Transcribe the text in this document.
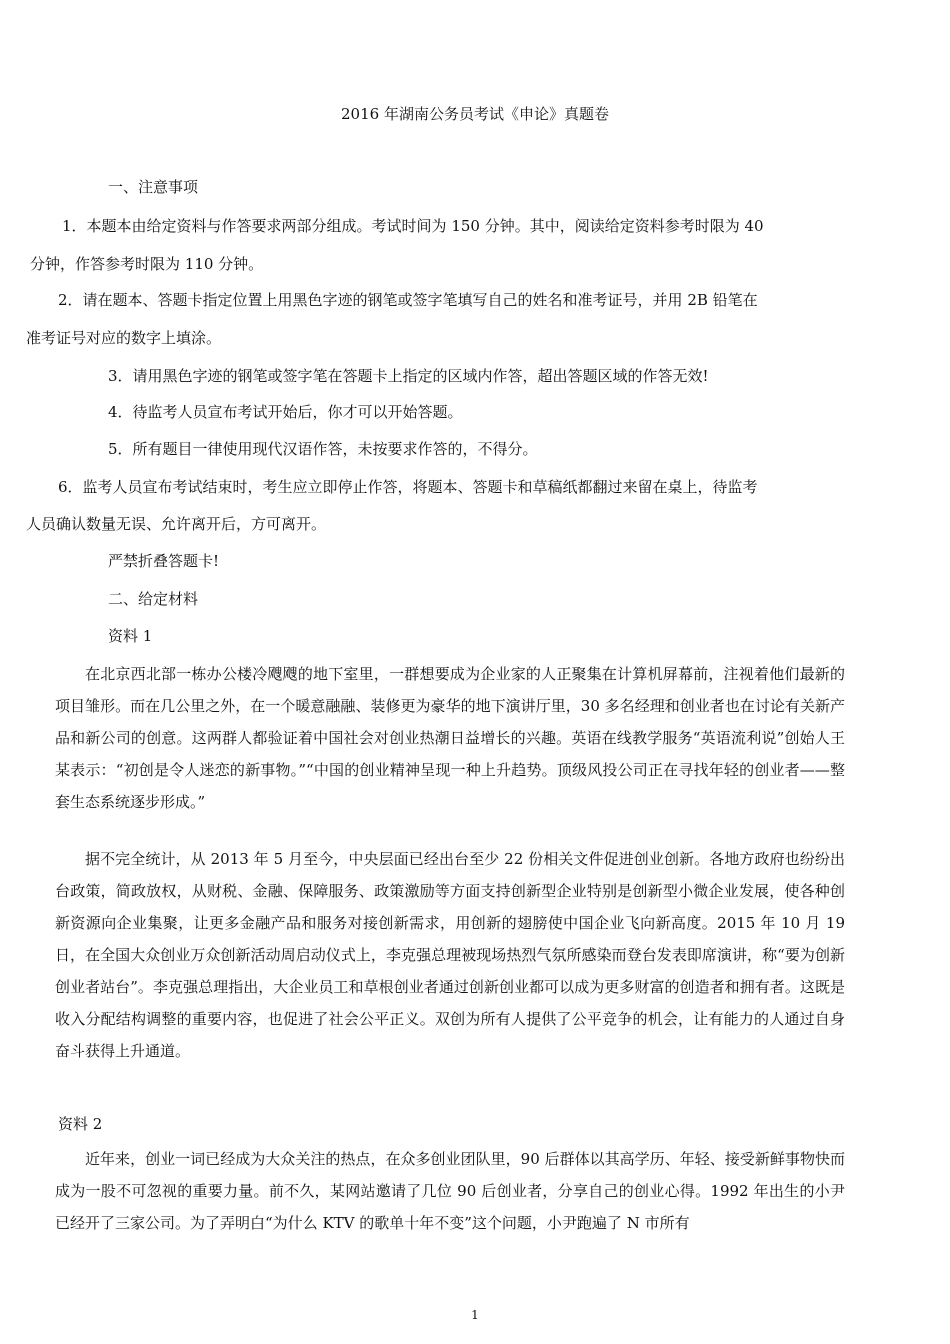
2016 年湖南公务员考试《申论》真题卷
一、注意事项
1．本题本由给定资料与作答要求两部分组成。考试时间为 150 分钟。其中，阅读给定资料参考时限为 40
分钟，作答参考时限为 110 分钟。
2．请在题本、答题卡指定位置上用黑色字迹的钢笔或签字笔填写自己的姓名和准考证号，并用 2B 铅笔在
准考证号对应的数字上填涂。
3．请用黑色字迹的钢笔或签字笔在答题卡上指定的区域内作答，超出答题区域的作答无效!
4．待监考人员宣布考试开始后，你才可以开始答题。
5．所有题目一律使用现代汉语作答，未按要求作答的，不得分。
6．监考人员宣布考试结束时，考生应立即停止作答，将题本、答题卡和草稿纸都翻过来留在桌上，待监考
人员确认数量无误、允许离开后，方可离开。
严禁折叠答题卡!
二、给定材料
资料 1

在北京西北部一栋办公楼冷飕飕的地下室里，一群想要成为企业家的人正聚集在计算机屏幕前，注视着他们最新的项目雏形。而在几公里之外，在一个暖意融融、装修更为豪华的地下演讲厅里，30 多名经理和创业者也在讨论有关新产品和新公司的创意。这两群人都验证着中国社会对创业热潮日益增长的兴趣。英语在线教学服务“英语流利说”创始人王某表示：“初创是令人迷恋的新事物。”“中国的创业精神呈现一种上升趋势。顶级风投公司正在寻找年轻的创业者——整套生态系统逐步形成。”

据不完全统计，从 2013 年 5 月至今，中央层面已经出台至少 22 份相关文件促进创业创新。各地方政府也纷纷出台政策，简政放权，从财税、金融、保障服务、政策激励等方面支持创新型企业特别是创新型小微企业发展，使各种创新资源向企业集聚，让更多金融产品和服务对接创新需求，用创新的翅膀使中国企业飞向新高度。2015 年 10 月 19 日，在全国大众创业万众创新活动周启动仪式上，李克强总理被现场热烈气氛所感染而登台发表即席演讲，称“要为创新创业者站台”。李克强总理指出，大企业员工和草根创业者通过创新创业都可以成为更多财富的创造者和拥有者。这既是收入分配结构调整的重要内容，也促进了社会公平正义。双创为所有人提供了公平竞争的机会，让有能力的人通过自身奋斗获得上升通道。

资料 2

近年来，创业一词已经成为大众关注的热点，在众多创业团队里，90 后群体以其高学历、年轻、接受新鲜事物快而成为一股不可忽视的重要力量。前不久，某网站邀请了几位 90 后创业者，分享自己的创业心得。1992 年出生的小尹已经开了三家公司。为了弄明白“为什么 KTV 的歌单十年不变”这个问题，小尹跑遍了 N 市所有

1
